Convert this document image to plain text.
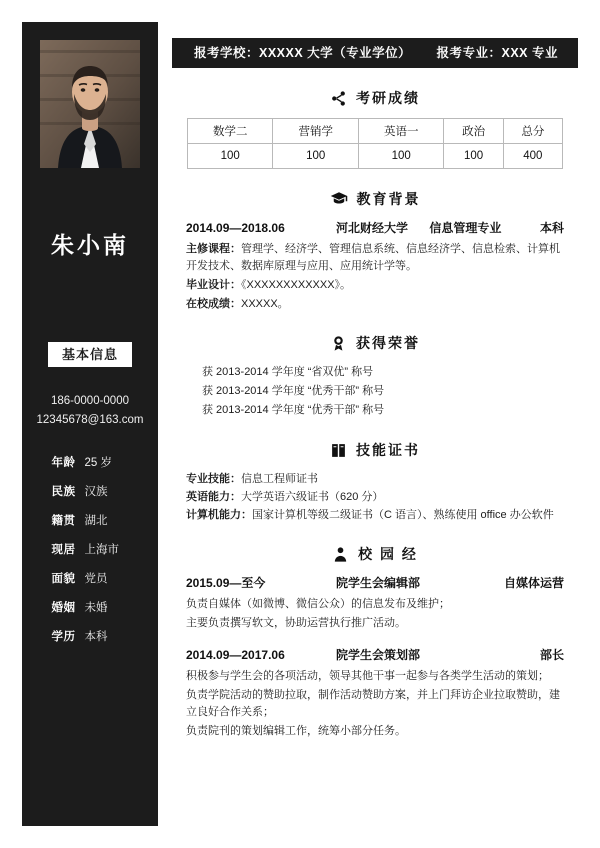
朱小南
基本信息
186-0000-0000
12345678@163.com
年龄 25 岁
民族 汉族
籍贯 湖北
现居 上海市
面貌 党员
婚姻 未婚
学历 本科
报考学校：XXXXX 大学（专业学位） 报考专业：XXX 专业
考研成绩
数学二	营销学	英语一	政治	总分
100	100	100	100	400
教育背景
2014.09—2018.06	河北财经大学 信息管理专业	本科

主修课程：管理学、经济学、管理信息系统、信息经济学、信息检索、计算机开发技术、数据库原理与应用、应用统计学等。

毕业设计：《XXXXXXXXXXXX》。

在校成绩：XXXXX。

获得荣誉
获 2013-2014 学年度 “省双优” 称号
获 2013-2014 学年度 “优秀干部” 称号
获 2013-2014 学年度 “优秀干部” 称号
技能证书
专业技能：信息工程师证书
英语能力：大学英语六级证书（620 分）
计算机能力：国家计算机等级二级证书（C 语言）、熟练使用 office 办公软件
校 园 经
2015.09—至今	院学生会编辑部	自媒体运营

负责自媒体（如微博、微信公众）的信息发布及维护；

主要负责撰写软文，协助运营执行推广活动。

2014.09—2017.06	院学生会策划部	部长

积极参与学生会的各项活动，领导其他干事一起参与各类学生活动的策划；

负责学院活动的赞助拉取，制作活动赞助方案，并上门拜访企业拉取赞助，建立良好合作关系；

负责院刊的策划编辑工作，统筹小部分任务。
